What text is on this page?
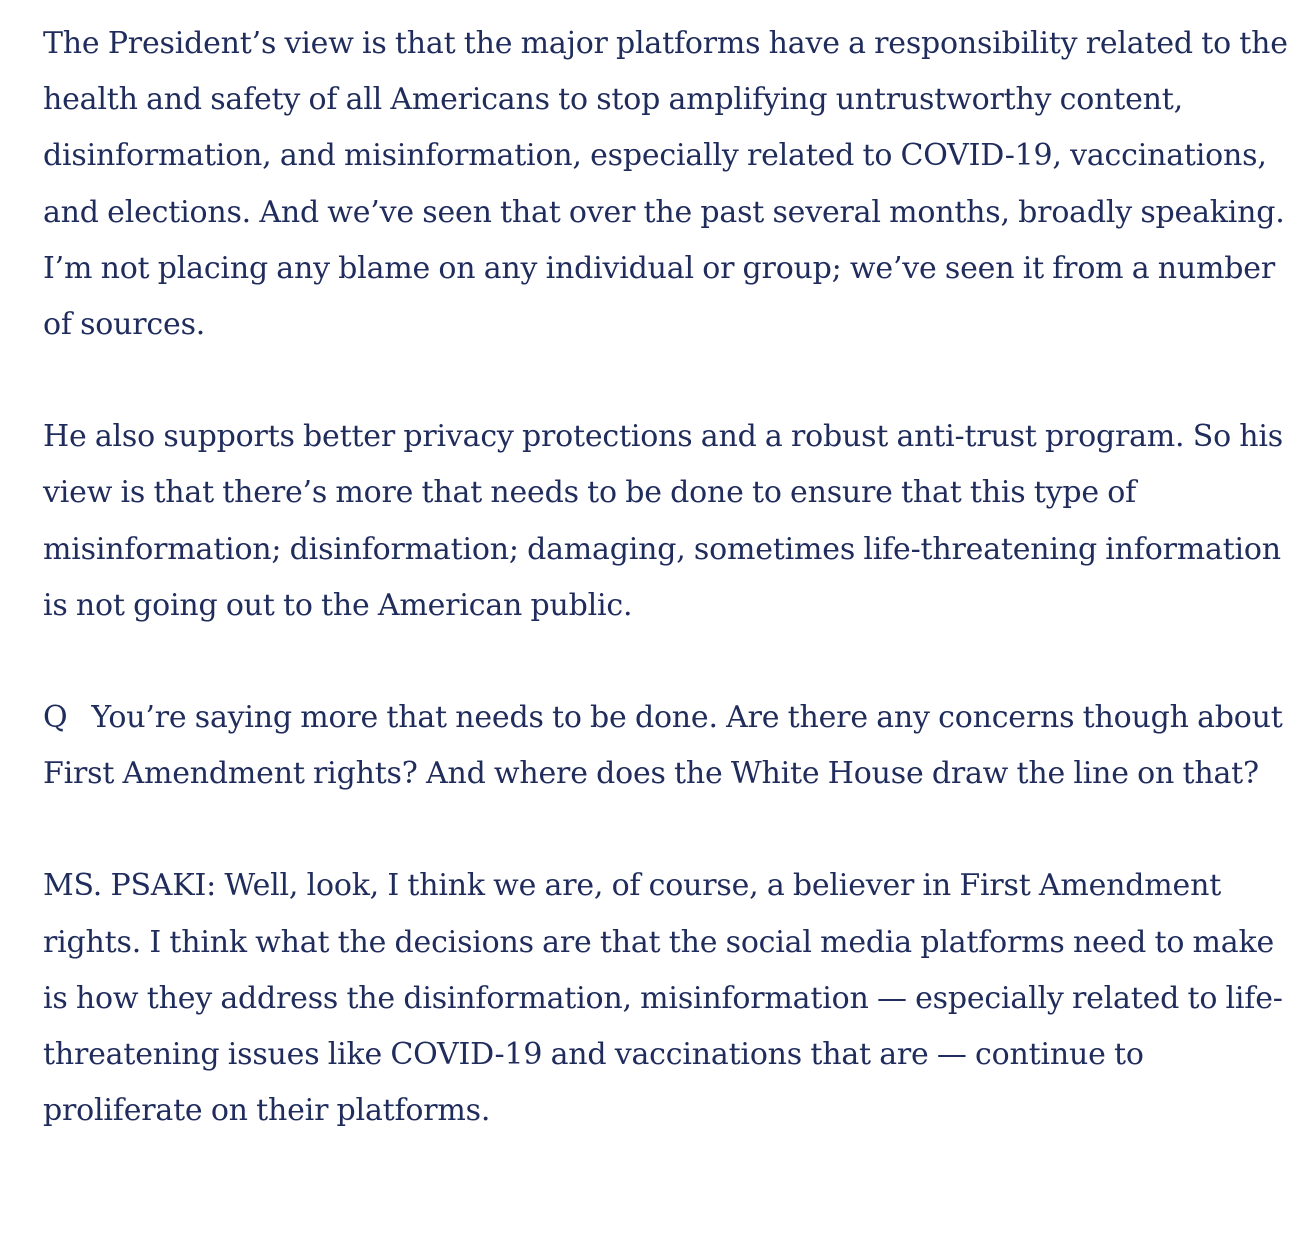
The President’s view is that the major platforms have a responsibility related to the health and safety of all Americans to stop amplifying untrustworthy content, disinformation, and misinformation, especially related to COVID-19, vaccinations, and elections. And we’ve seen that over the past several months, broadly speaking. I’m not placing any blame on any individual or group; we’ve seen it from a number of sources.

He also supports better privacy protections and a robust anti-trust program. So his view is that there’s more that needs to be done to ensure that this type of misinformation; disinformation; damaging, sometimes life-threatening information is not going out to the American public.

Q You’re saying more that needs to be done. Are there any concerns though about First Amendment rights? And where does the White House draw the line on that?

MS. PSAKI: Well, look, I think we are, of course, a believer in First Amendment rights. I think what the decisions are that the social media platforms need to make is how they address the disinformation, misinformation — especially related to life-threatening issues like COVID-19 and vaccinations that are — continue to proliferate on their platforms.
